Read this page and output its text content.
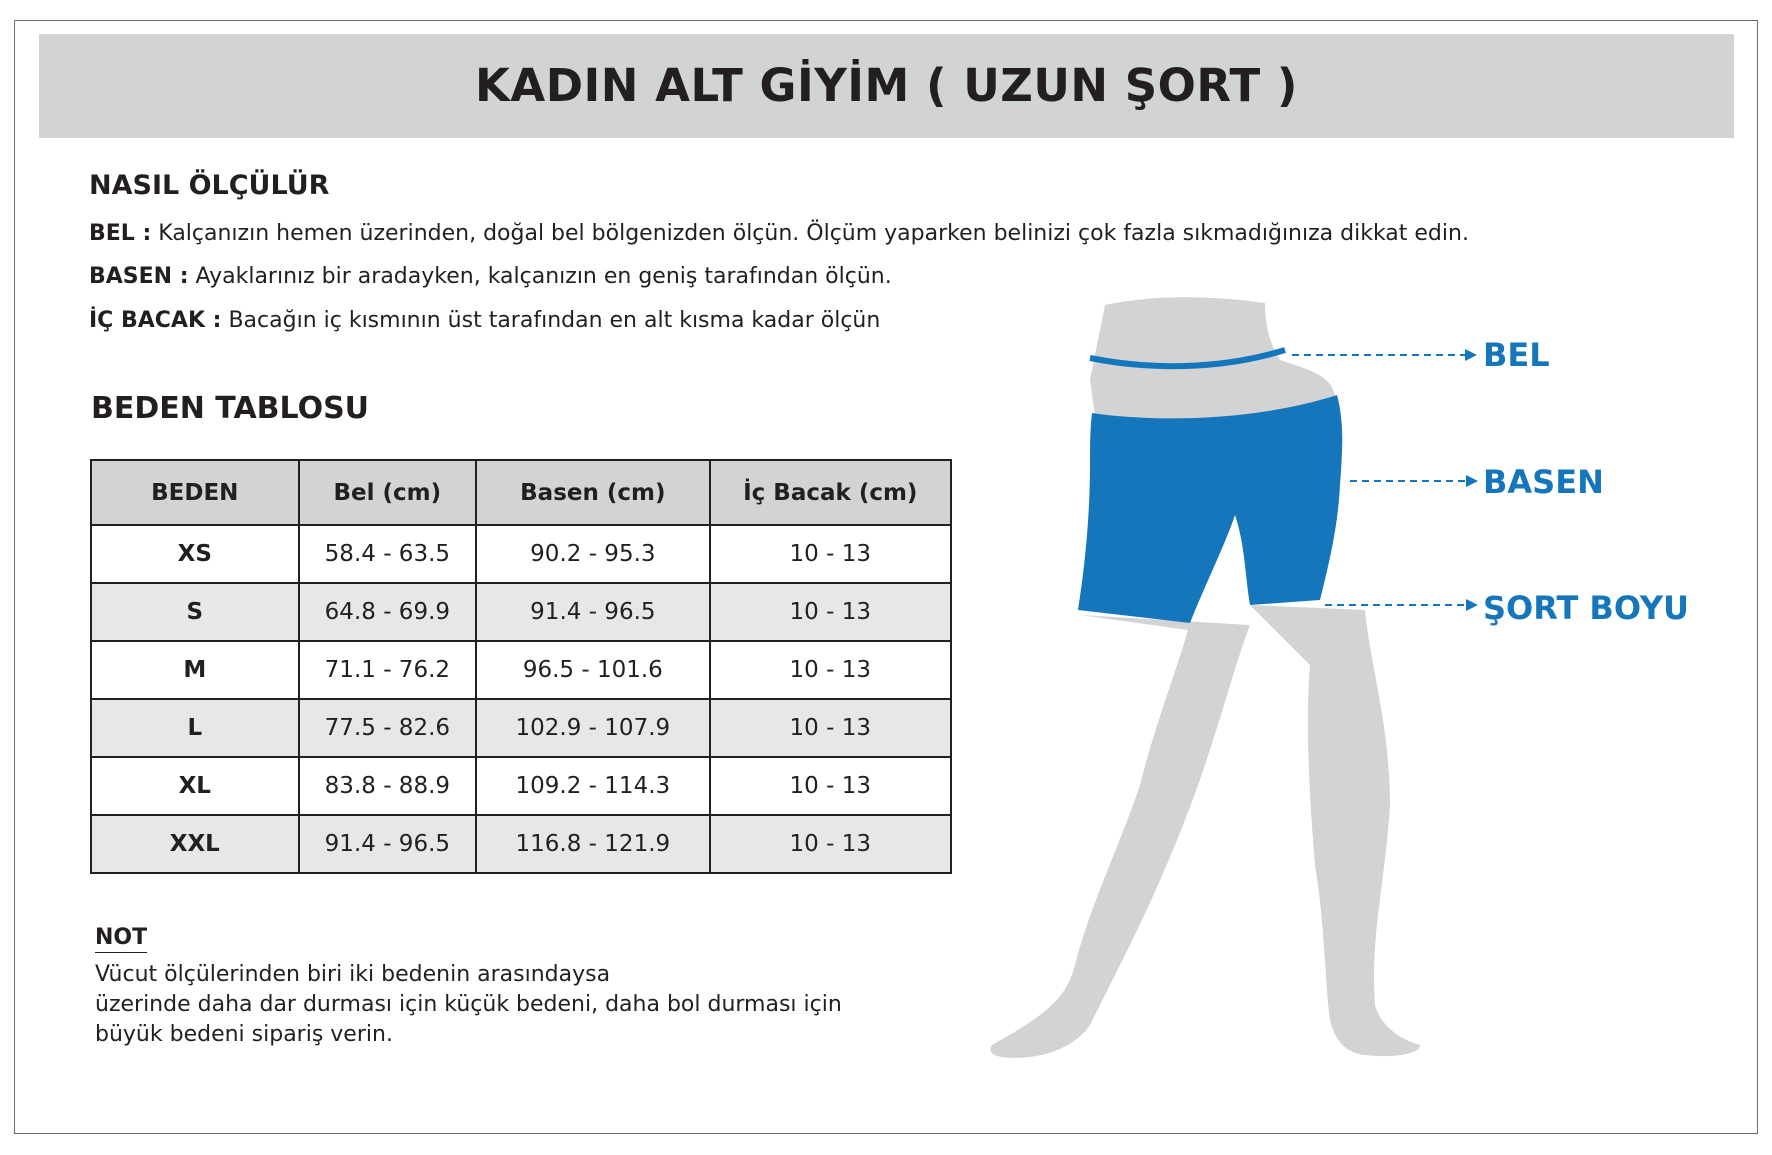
KADIN ALT GİYİM ( UZUN ŞORT )
NASIL ÖLÇÜLÜR
BEL : Kalçanızın hemen üzerinden, doğal bel bölgenizden ölçün. Ölçüm yaparken belinizi çok fazla sıkmadığınıza dikkat edin.
BASEN : Ayaklarınız bir aradayken, kalçanızın en geniş tarafından ölçün.
İÇ BACAK : Bacağın iç kısmının üst tarafından en alt kısma kadar ölçün
BEDEN TABLOSU
BEDEN	Bel (cm)	Basen (cm)	İç Bacak (cm)
XS	58.4 - 63.5	90.2 - 95.3	10 - 13
S	64.8 - 69.9	91.4 - 96.5	10 - 13
M	71.1 - 76.2	96.5 - 101.6	10 - 13
L	77.5 - 82.6	102.9 - 107.9	10 - 13
XL	83.8 - 88.9	109.2 - 114.3	10 - 13
XXL	91.4 - 96.5	116.8 - 121.9	10 - 13
NOT
Vücut ölçülerinden biri iki bedenin arasındaysa
üzerinde daha dar durması için küçük bedeni, daha bol durması için
büyük bedeni sipariş verin.
BEL
BASEN
ŞORT BOYU
